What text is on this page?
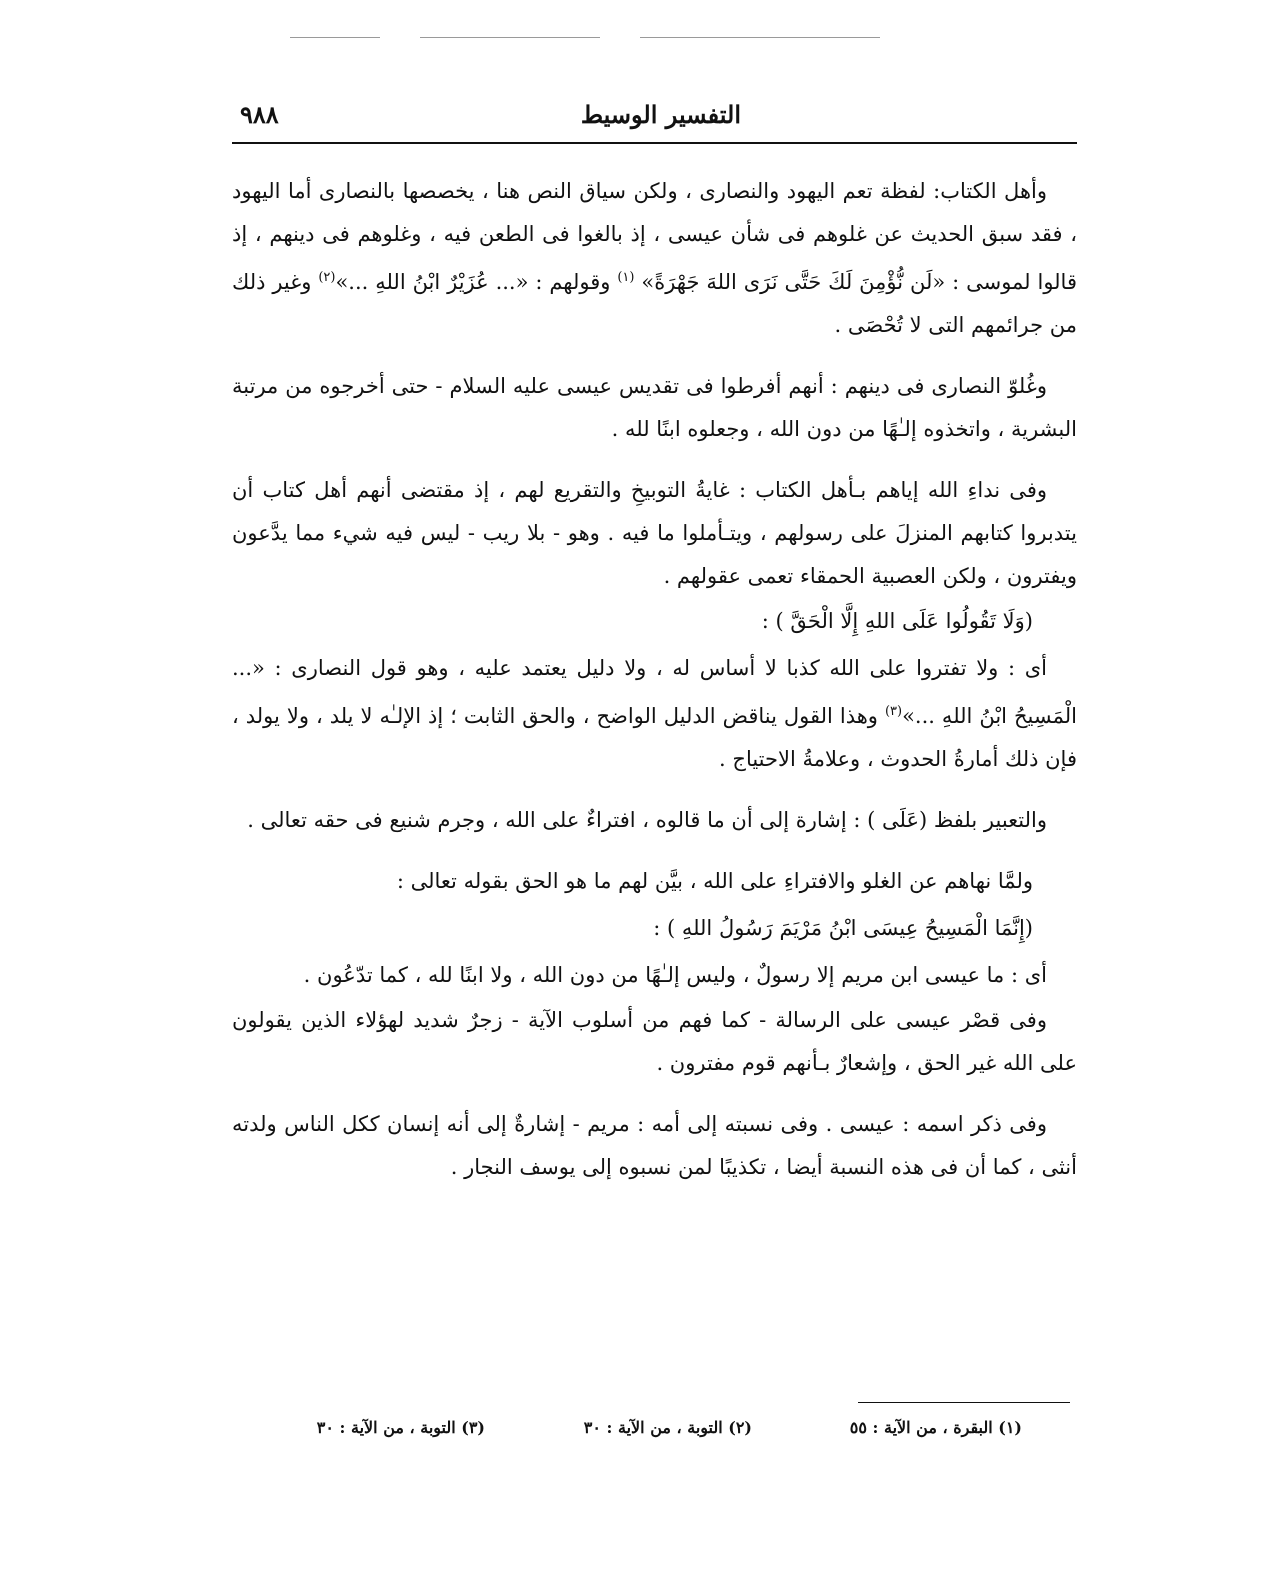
التفسير الوسيط
٩٨٨

وأهل الكتاب: لفظة تعم اليهود والنصارى ، ولكن سياق النص هنا ، يخصصها بالنصارى أما اليهود ، فقد سبق الحديث عن غلوهم فى شأن عيسى ، إذ بالغوا فى الطعن فيه ، وغلوهم فى دينهم ، إذ قالوا لموسى : «لَن نُّؤْمِنَ لَكَ حَتَّى نَرَى اللهَ جَهْرَةً» $^{(١)}$ وقولهم : «... عُزَيْرٌ ابْنُ اللهِ ...»$^{(٢)}$ وغير ذلك من جرائمهم التى لا تُحْصَى .

وغُلوّ النصارى فى دينهم : أنهم أفرطوا فى تقديس عيسى عليه السلام - حتى أخرجوه من مرتبة البشرية ، واتخذوه إلـٰهًا من دون الله ، وجعلوه ابنًا لله .

وفى نداءِ الله إياهم بـأهل الكتاب : غايةُ التوبيخِ والتقريع لهم ، إذ مقتضى أنهم أهل كتاب أن يتدبروا كتابهم المنزلَ على رسولهم ، ويتـأملوا ما فيه . وهو - بلا ريب - ليس فيه شيء مما يدَّعون ويفترون ، ولكن العصبية الحمقاء تعمى عقولهم .

(وَلَا تَقُولُوا عَلَى اللهِ إِلَّا الْحَقَّ ) :

أى : ولا تفتروا على الله كذبا لا أساس له ، ولا دليل يعتمد عليه ، وهو قول النصارى : «... الْمَسِيحُ ابْنُ اللهِ ...»$^{(٣)}$ وهذا القول يناقض الدليل الواضح ، والحق الثابت ؛ إذ الإلـٰه لا يلد ، ولا يولد ، فإن ذلك أمارةُ الحدوث ، وعلامةُ الاحتياج .

والتعبير بلفظ (عَلَى ) : إشارة إلى أن ما قالوه ، افتراءٌ على الله ، وجرم شنيع فى حقه تعالى .

ولمَّا نهاهم عن الغلو والافتراءِ على الله ، بيَّن لهم ما هو الحق بقوله تعالى :

(إِنَّمَا الْمَسِيحُ عِيسَى ابْنُ مَرْيَمَ رَسُولُ اللهِ ) :

أى : ما عيسى ابن مريم إلا رسولٌ ، وليس إلـٰهًا من دون الله ، ولا ابنًا لله ، كما تدّعُون .

وفى قصْر عيسى على الرسالة - كما فهم من أسلوب الآية - زجرٌ شديد لهؤلاء الذين يقولون على الله غير الحق ، وإشعارٌ بـأنهم قوم مفترون .

وفى ذكر اسمه : عيسى . وفى نسبته إلى أمه : مريم - إشارةٌ إلى أنه إنسان ككل الناس ولدته أنثى ، كما أن فى هذه النسبة أيضا ، تكذيبًا لمن نسبوه إلى يوسف النجار .

(١) البقرة ، من الآية : ٥٥
(٢) التوبة ، من الآية : ٣٠
(٣) التوبة ، من الآية : ٣٠
